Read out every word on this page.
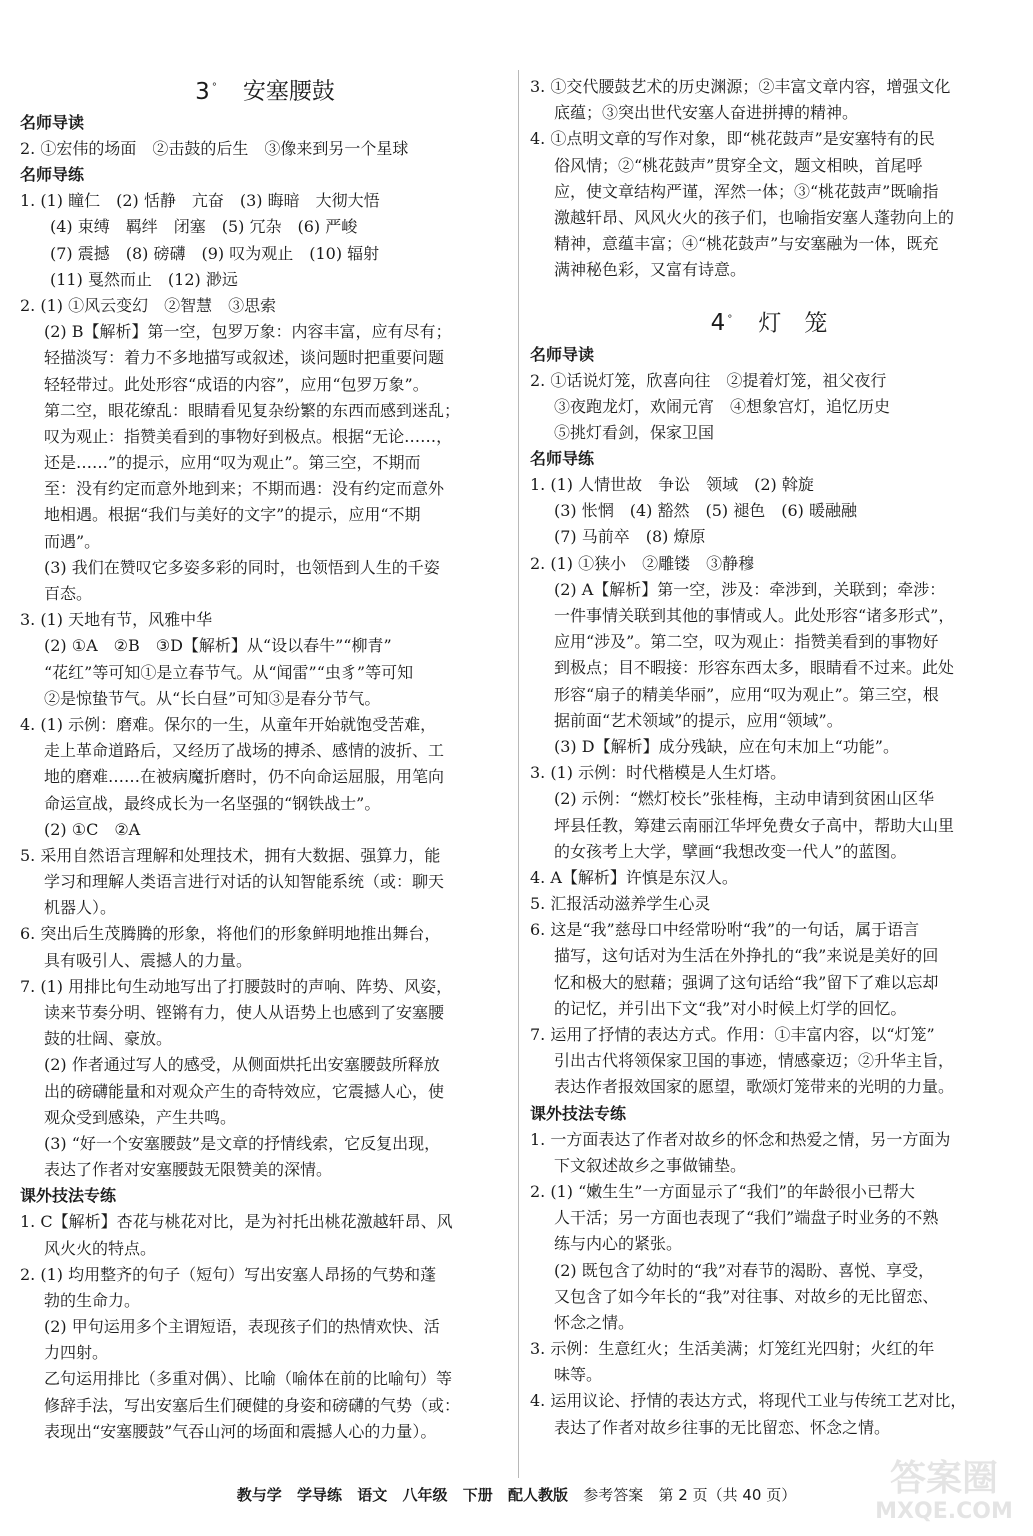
3 ° 安塞腰鼓
名师导读
2. ①宏伟的场面　②击鼓的后生　③像来到另一个星球
名师导练
1. (1) 瞳仁　(2) 恬静　亢奋　(3) 晦暗　大彻大悟
(4) 束缚　羁绊　闭塞　(5) 冗杂　(6) 严峻
(7) 震撼　(8) 磅礴　(9) 叹为观止　(10) 辐射
(11) 戛然而止　(12) 渺远
2. (1) ①风云变幻　②智慧　③思索
(2) B【解析】第一空，包罗万象：内容丰富，应有尽有；
轻描淡写：着力不多地描写或叙述，谈问题时把重要问题
轻轻带过。此处形容“成语的内容”，应用“包罗万象”。
第二空，眼花缭乱：眼睛看见复杂纷繁的东西而感到迷乱；
叹为观止：指赞美看到的事物好到极点。根据“无论……，
还是……”的提示，应用“叹为观止”。第三空，不期而
至：没有约定而意外地到来；不期而遇：没有约定而意外
地相遇。根据“我们与美好的文字”的提示，应用“不期
而遇”。
(3) 我们在赞叹它多姿多彩的同时，也领悟到人生的千姿
百态。
3. (1) 天地有节，风雅中华
(2) ①A　②B　③D【解析】从“设以春牛”“柳青”
“花红”等可知①是立春节气。从“闻雷”“虫豸”等可知
②是惊蛰节气。从“长白昼”可知③是春分节气。
4. (1) 示例：磨难。保尔的一生，从童年开始就饱受苦难，
走上革命道路后，又经历了战场的搏杀、感情的波折、工
地的磨难……在被病魔折磨时，仍不向命运屈服，用笔向
命运宣战，最终成长为一名坚强的“钢铁战士”。
(2) ①C　②A
5. 采用自然语言理解和处理技术，拥有大数据、强算力，能
学习和理解人类语言进行对话的认知智能系统（或：聊天
机器人）。
6. 突出后生茂腾腾的形象，将他们的形象鲜明地推出舞台，
具有吸引人、震撼人的力量。
7. (1) 用排比句生动地写出了打腰鼓时的声响、阵势、风姿，
读来节奏分明、铿锵有力，使人从语势上也感到了安塞腰
鼓的壮阔、豪放。
(2) 作者通过写人的感受，从侧面烘托出安塞腰鼓所释放
出的磅礴能量和对观众产生的奇特效应，它震撼人心，使
观众受到感染，产生共鸣。
(3) “好一个安塞腰鼓”是文章的抒情线索，它反复出现，
表达了作者对安塞腰鼓无限赞美的深情。
课外技法专练
1. C【解析】杏花与桃花对比，是为衬托出桃花激越轩昂、风
风火火的特点。
2. (1) 均用整齐的句子（短句）写出安塞人昂扬的气势和蓬
勃的生命力。
(2) 甲句运用多个主谓短语，表现孩子们的热情欢快、活
力四射。
乙句运用排比（多重对偶）、比喻（喻体在前的比喻句）等
修辞手法，写出安塞后生们硬健的身姿和磅礴的气势（或：
表现出“安塞腰鼓”气吞山河的场面和震撼人心的力量）。
3. ①交代腰鼓艺术的历史渊源；②丰富文章内容，增强文化
底蕴；③突出世代安塞人奋进拼搏的精神。
4. ①点明文章的写作对象，即“桃花鼓声”是安塞特有的民
俗风情；②“桃花鼓声”贯穿全文，题文相映，首尾呼
应，使文章结构严谨，浑然一体；③“桃花鼓声”既喻指
激越轩昂、风风火火的孩子们，也喻指安塞人蓬勃向上的
精神，意蕴丰富；④“桃花鼓声”与安塞融为一体，既充
满神秘色彩，又富有诗意。
4 ° 灯　笼
名师导读
2. ①话说灯笼，欣喜向往　②提着灯笼，祖父夜行
③夜跑龙灯，欢闹元宵　④想象宫灯，追忆历史
⑤挑灯看剑，保家卫国
名师导练
1. (1) 人情世故　争讼　领域　(2) 斡旋
(3) 怅惘　(4) 豁然　(5) 褪色　(6) 暖融融
(7) 马前卒　(8) 燎原
2. (1) ①狭小　②雕镂　③静穆
(2) A【解析】第一空，涉及：牵涉到，关联到；牵涉：
一件事情关联到其他的事情或人。此处形容“诸多形式”，
应用“涉及”。第二空，叹为观止：指赞美看到的事物好
到极点；目不暇接：形容东西太多，眼睛看不过来。此处
形容“扇子的精美华丽”，应用“叹为观止”。第三空，根
据前面“艺术领域”的提示，应用“领域”。
(3) D【解析】成分残缺，应在句末加上“功能”。
3. (1) 示例：时代楷模是人生灯塔。
(2) 示例：“燃灯校长”张桂梅，主动申请到贫困山区华
坪县任教，筹建云南丽江华坪免费女子高中，帮助大山里
的女孩考上大学，擘画“我想改变一代人”的蓝图。
4. A【解析】许慎是东汉人。
5. 汇报活动滋养学生心灵
6. 这是“我”慈母口中经常吩咐“我”的一句话，属于语言
描写，这句话对为生活在外挣扎的“我”来说是美好的回
忆和极大的慰藉；强调了这句话给“我”留下了难以忘却
的记忆，并引出下文“我”对小时候上灯学的回忆。
7. 运用了抒情的表达方式。作用：①丰富内容，以“灯笼”
引出古代将领保家卫国的事迹，情感豪迈；②升华主旨，
表达作者报效国家的愿望，歌颂灯笼带来的光明的力量。
课外技法专练
1. 一方面表达了作者对故乡的怀念和热爱之情，另一方面为
下文叙述故乡之事做铺垫。
2. (1) “嫩生生”一方面显示了“我们”的年龄很小已帮大
人干活；另一方面也表现了“我们”端盘子时业务的不熟
练与内心的紧张。
(2) 既包含了幼时的“我”对春节的渴盼、喜悦、享受，
又包含了如今年长的“我”对往事、对故乡的无比留恋、
怀念之情。
3. 示例：生意红火；生活美满；灯笼红光四射；火红的年
味等。
4. 运用议论、抒情的表达方式，将现代工业与传统工艺对比，
表达了作者对故乡往事的无比留恋、怀念之情。
教与学 学导练 语文 八年级 下册 配人教版 参考答案 第 2 页（共 40 页）	答案圈
MXQE.COM
